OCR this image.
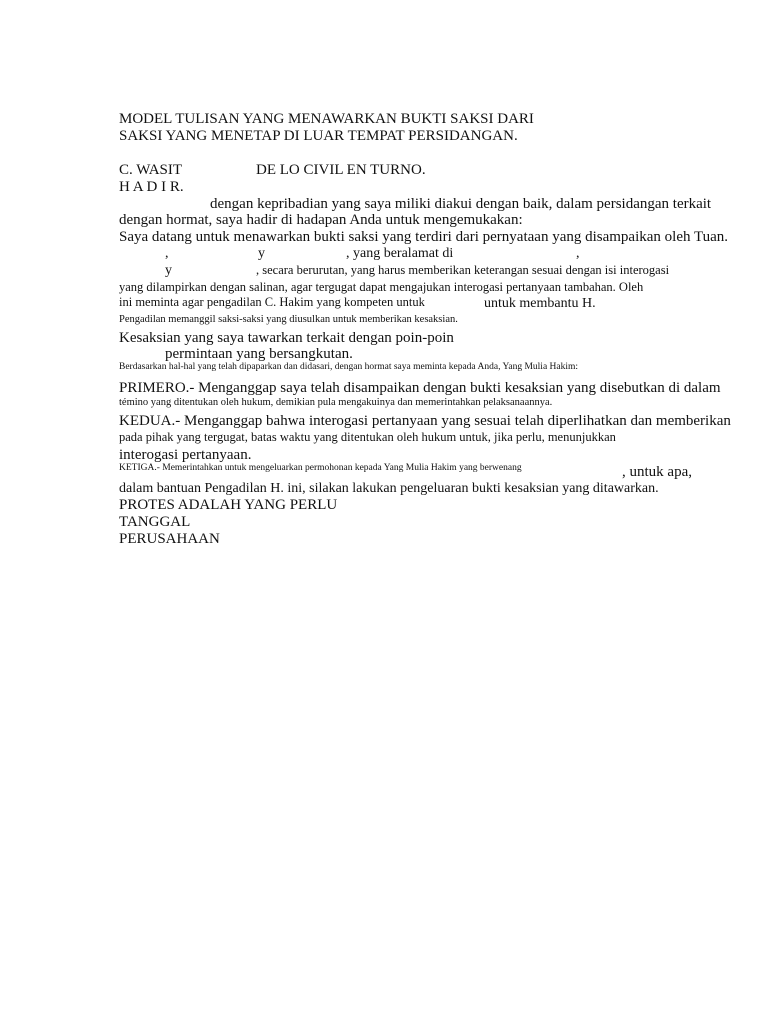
MODEL TULISAN YANG MENAWARKAN BUKTI SAKSI DARI
SAKSI YANG MENETAP DI LUAR TEMPAT PERSIDANGAN.
C. WASIT	DE LO CIVIL EN TURNO.
H A D I R.
dengan kepribadian yang saya miliki diakui dengan baik, dalam persidangan terkait
dengan hormat, saya hadir di hadapan Anda untuk mengemukakan:
Saya datang untuk menawarkan bukti saksi yang terdiri dari pernyataan yang disampaikan oleh Tuan.
,	y	, yang beralamat di	,
y	, secara berurutan, yang harus memberikan keterangan sesuai dengan isi interogasi
yang dilampirkan dengan salinan, agar tergugat dapat mengajukan interogasi pertanyaan tambahan. Oleh
ini meminta agar pengadilan C. Hakim yang kompeten untuk	untuk membantu H.
Pengadilan memanggil saksi-saksi yang diusulkan untuk memberikan kesaksian.
Kesaksian yang saya tawarkan terkait dengan poin-poin
permintaan yang bersangkutan.
Berdasarkan hal-hal yang telah dipaparkan dan didasari, dengan hormat saya meminta kepada Anda, Yang Mulia Hakim:
PRIMERO.- Menganggap saya telah disampaikan dengan bukti kesaksian yang disebutkan di dalam
témino yang ditentukan oleh hukum, demikian pula mengakuinya dan memerintahkan pelaksanaannya.
KEDUA.- Menganggap bahwa interogasi pertanyaan yang sesuai telah diperlihatkan dan memberikan
pada pihak yang tergugat, batas waktu yang ditentukan oleh hukum untuk, jika perlu, menunjukkan
interogasi pertanyaan.
KETIGA.- Memerintahkan untuk mengeluarkan permohonan kepada Yang Mulia Hakim yang berwenang	, untuk apa,
dalam bantuan Pengadilan H. ini, silakan lakukan pengeluaran bukti kesaksian yang ditawarkan.
PROTES ADALAH YANG PERLU
TANGGAL
PERUSAHAAN
